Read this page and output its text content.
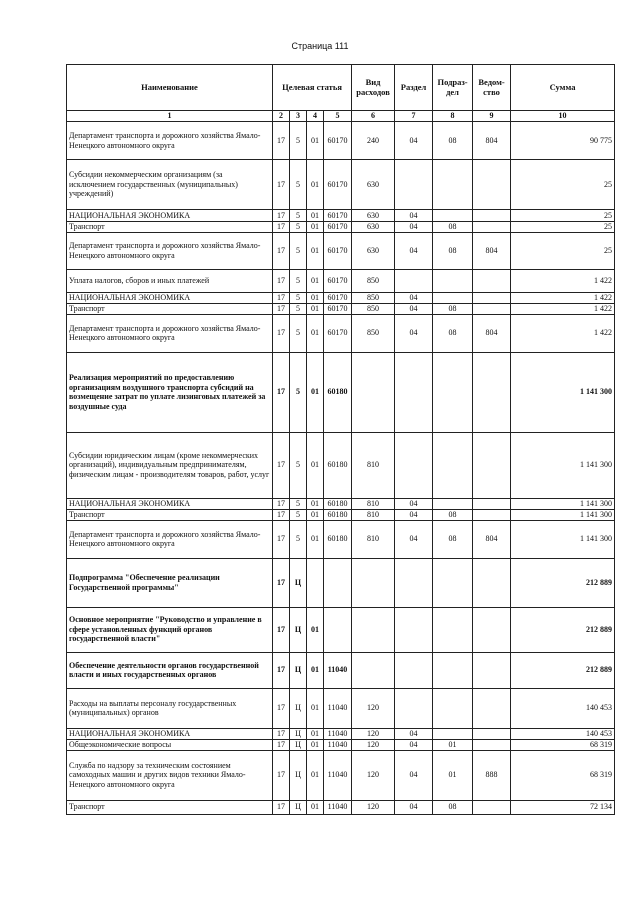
Страница 111
Наименование	Целевая статья				Вид расходов	Раздел	Подраз-дел	Ведом-ство	Сумма
1	2	3	4	5	6	7	8	9	10
Департамент транспорта и дорожного хозяйства Ямало-Ненецкого автономного округа	17	5	01	60170	240	04	08	804	90 775
Субсидии некоммерческим организациям (за исключением государственных (муниципальных) учреждений)	17	5	01	60170	630				25
НАЦИОНАЛЬНАЯ ЭКОНОМИКА	17	5	01	60170	630	04			25
Транспорт	17	5	01	60170	630	04	08		25
Департамент транспорта и дорожного хозяйства Ямало-Ненецкого автономного округа	17	5	01	60170	630	04	08	804	25
Уплата налогов, сборов и иных платежей	17	5	01	60170	850				1 422
НАЦИОНАЛЬНАЯ ЭКОНОМИКА	17	5	01	60170	850	04			1 422
Транспорт	17	5	01	60170	850	04	08		1 422
Департамент транспорта и дорожного хозяйства Ямало-Ненецкого автономного округа	17	5	01	60170	850	04	08	804	1 422
Реализация мероприятий по предоставлению организациям воздушного транспорта субсидий на возмещение затрат по уплате лизинговых платежей за воздушные суда	17	5	01	60180					1 141 300
Субсидии юридическим лицам (кроме некоммерческих организаций), индивидуальным предпринимателям, физическим лицам - производителям товаров, работ, услуг	17	5	01	60180	810				1 141 300
НАЦИОНАЛЬНАЯ ЭКОНОМИКА	17	5	01	60180	810	04			1 141 300
Транспорт	17	5	01	60180	810	04	08		1 141 300
Департамент транспорта и дорожного хозяйства Ямало-Ненецкого автономного округа	17	5	01	60180	810	04	08	804	1 141 300
Подпрограмма "Обеспечение реализации Государственной программы"	17	Ц							212 889
Основное мероприятие "Руководство и управление в сфере установленных функций органов государственной власти"	17	Ц	01						212 889
Обеспечение деятельности органов государственной власти и иных государственных органов	17	Ц	01	11040					212 889
Расходы на выплаты персоналу государственных (муниципальных) органов	17	Ц	01	11040	120				140 453
НАЦИОНАЛЬНАЯ ЭКОНОМИКА	17	Ц	01	11040	120	04			140 453
Общеэкономические вопросы	17	Ц	01	11040	120	04	01		68 319
Служба по надзору за техническим состоянием самоходных машин и других видов техники Ямало-Ненецкого автономного округа	17	Ц	01	11040	120	04	01	888	68 319
Транспорт	17	Ц	01	11040	120	04	08		72 134
